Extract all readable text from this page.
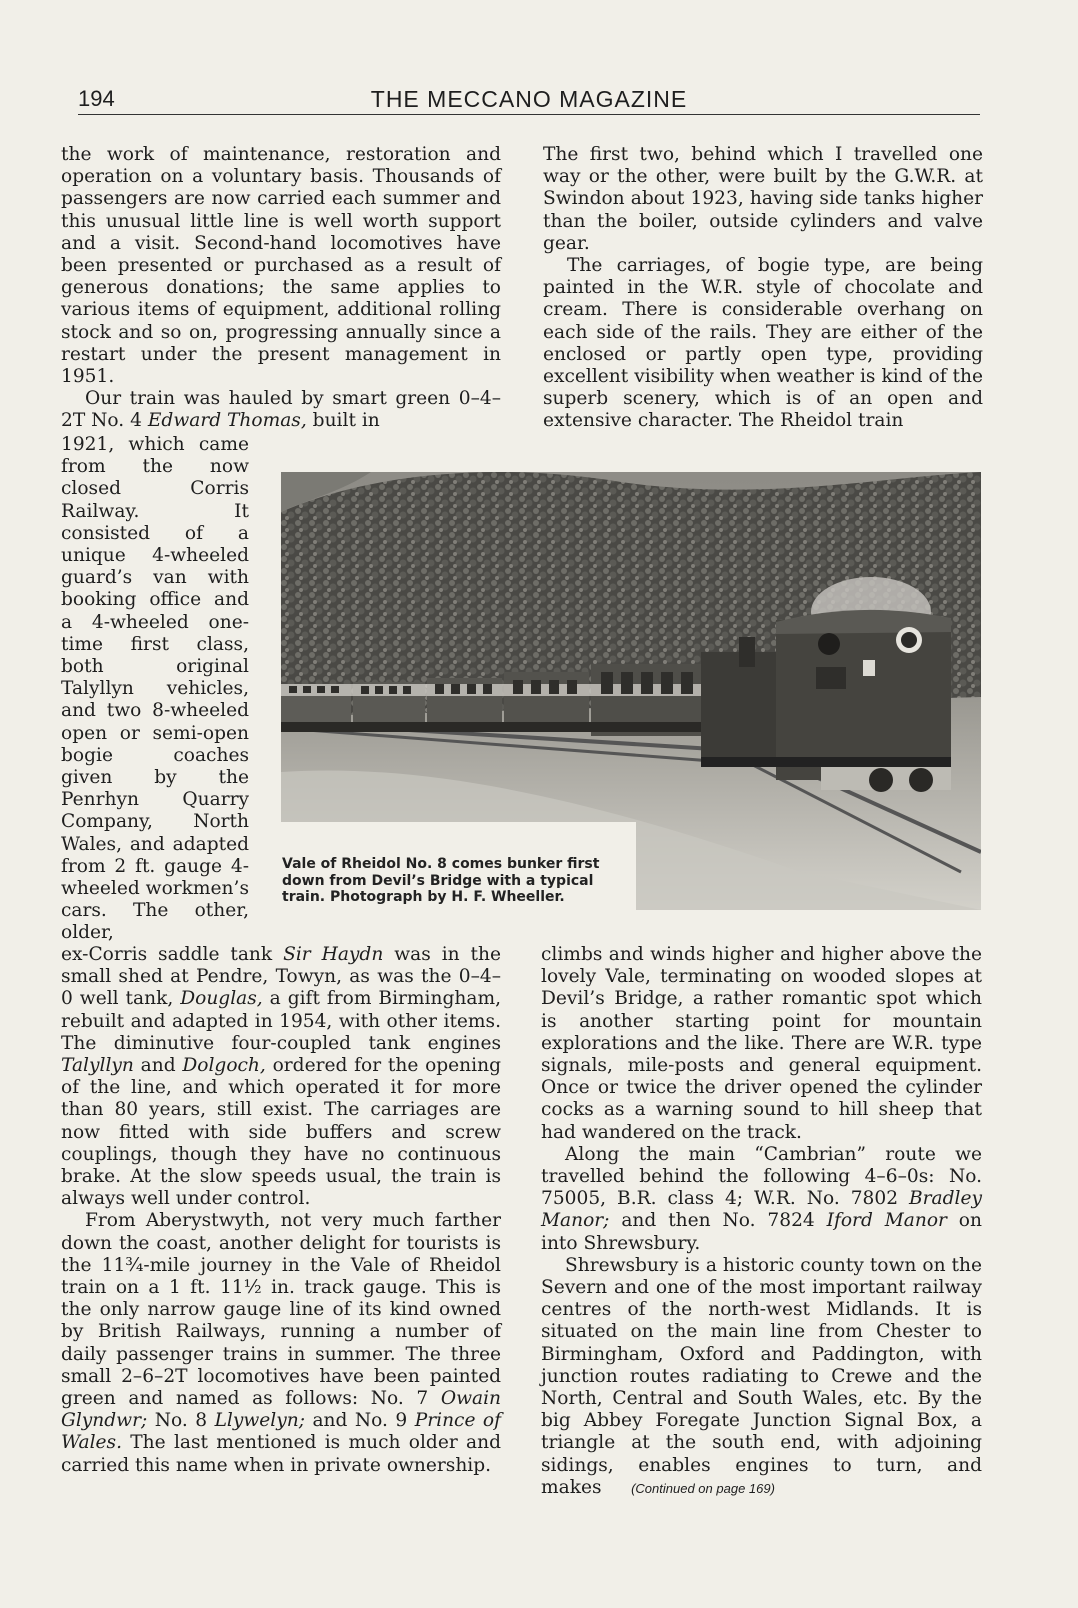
194	THE MECCANO MAGAZINE

the work of maintenance, restoration and operation on a voluntary basis. Thousands of passengers are now carried each summer and this unusual little line is well worth support and a visit. Second-hand locomotives have been presented or purchased as a result of generous donations; the same applies to various items of equipment, additional rolling stock and so on, progressing annually since a restart under the present management in 1951.

Our train was hauled by smart green 0–4–2T No. 4 Edward Thomas, built in

1921, which came from the now closed Corris Railway. It consisted of a unique 4-wheeled guard’s van with booking office and a 4-wheeled one-time first class, both original Talyllyn vehicles, and two 8-wheeled open or semi-open bogie coaches given by the Penrhyn Quarry Company, North Wales, and adapted from 2 ft. gauge 4-wheeled workmen’s cars. The other, older,

Vale of Rheidol No. 8 comes bunker first down from Devil’s Bridge with a typical train. Photograph by H. F. Wheeller.

ex-Corris saddle tank Sir Haydn was in the small shed at Pendre, Towyn, as was the 0–4–0 well tank, Douglas, a gift from Birmingham, rebuilt and adapted in 1954, with other items. The diminutive four-coupled tank engines Talyllyn and Dolgoch, ordered for the opening of the line, and which operated it for more than 80 years, still exist. The carriages are now fitted with side buffers and screw couplings, though they have no continuous brake. At the slow speeds usual, the train is always well under control.

From Aberystwyth, not very much farther down the coast, another delight for tourists is the 11¾-mile journey in the Vale of Rheidol train on a 1 ft. 11½ in. track gauge. This is the only narrow gauge line of its kind owned by British Railways, running a number of daily passenger trains in summer. The three small 2–6–2T locomotives have been painted green and named as follows: No. 7 Owain Glyndwr; No. 8 Llywelyn; and No. 9 Prince of Wales. The last mentioned is much older and carried this name when in private ownership.

The first two, behind which I travelled one way or the other, were built by the G.W.R. at Swindon about 1923, having side tanks higher than the boiler, outside cylinders and valve gear.

The carriages, of bogie type, are being painted in the W.R. style of chocolate and cream. There is considerable overhang on each side of the rails. They are either of the enclosed or partly open type, providing excellent visibility when weather is kind of the superb scenery, which is of an open and extensive character. The Rheidol train

climbs and winds higher and higher above the lovely Vale, terminating on wooded slopes at Devil’s Bridge, a rather romantic spot which is another starting point for mountain explorations and the like. There are W.R. type signals, mile-posts and general equipment. Once or twice the driver opened the cylinder cocks as a warning sound to hill sheep that had wandered on the track.

Along the main “Cambrian” route we travelled behind the following 4–6–0s: No. 75005, B.R. class 4; W.R. No. 7802 Bradley Manor; and then No. 7824 Iford Manor on into Shrewsbury.

Shrewsbury is a historic county town on the Severn and one of the most important railway centres of the north-west Midlands. It is situated on the main line from Chester to Birmingham, Oxford and Paddington, with junction routes radiating to Crewe and the North, Central and South Wales, etc. By the big Abbey Foregate Junction Signal Box, a triangle at the south end, with adjoining sidings, enables engines to turn, and makes (Continued on page 169)
